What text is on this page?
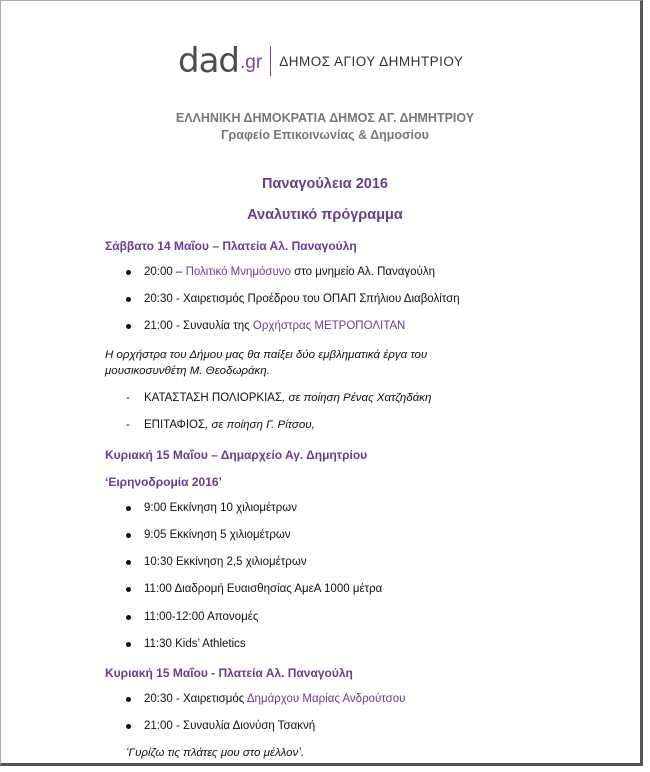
dad .gr ΔΗΜΟΣ ΑΓΙΟΥ ΔΗΜΗΤΡΙΟΥ
ΕΛΛΗΝΙΚΗ ΔΗΜΟΚΡΑΤΙΑ ΔΗΜΟΣ ΑΓ. ΔΗΜΗΤΡΙΟΥ
Γραφείο Επικοινωνίας & Δημοσίου
Παναγούλεια 2016
Αναλυτικό πρόγραμμα
Σάββατο 14 Μαΐου – Πλατεία Αλ. Παναγούλη
20:00 – Πολιτικό Μνημόσυνο στο μνημείο Αλ. Παναγούλη
20:30 - Χαιρετισμός Προέδρου του ΟΠΑΠ Σπήλιου Διαβολίτση
21:00 - Συναυλία της Ορχήστρας ΜΕΤΡΟΠΟΛΙΤΑΝ
Η ορχήστρα του Δήμου μας θα παίξει δύο εμβληματικά έργα του
μουσικοσυνθέτη Μ. Θεοδωράκη.
- ΚΑΤΑΣΤΑΣΗ ΠΟΛΙΟΡΚΙΑΣ, σε ποίηση Ρένας Χατζηδάκη
- ΕΠΙΤΑΦΙΟΣ, σε ποίηση Γ. Ρίτσου,
Κυριακή 15 Μαΐου – Δημαρχείο Αγ. Δημητρίου
‘Ειρηνοδρομία 2016’
9:00 Εκκίνηση 10 χιλιομέτρων
9:05 Εκκίνηση 5 χιλιομέτρων
10:30 Εκκίνηση 2,5 χιλιομέτρων
11:00 Διαδρομή Ευαισθησίας ΑμεΑ 1000 μέτρα
11:00-12:00 Απονομές
11:30 Kids’ Athletics
Κυριακή 15 Μαΐου - Πλατεία Αλ. Παναγούλη
20:30 - Χαιρετισμός Δημάρχου Μαρίας Ανδρούτσου
21:00 - Συναυλία Διονύση Τσακνή
‘Γυρίζω τις πλάτες μου στο μέλλον’.
